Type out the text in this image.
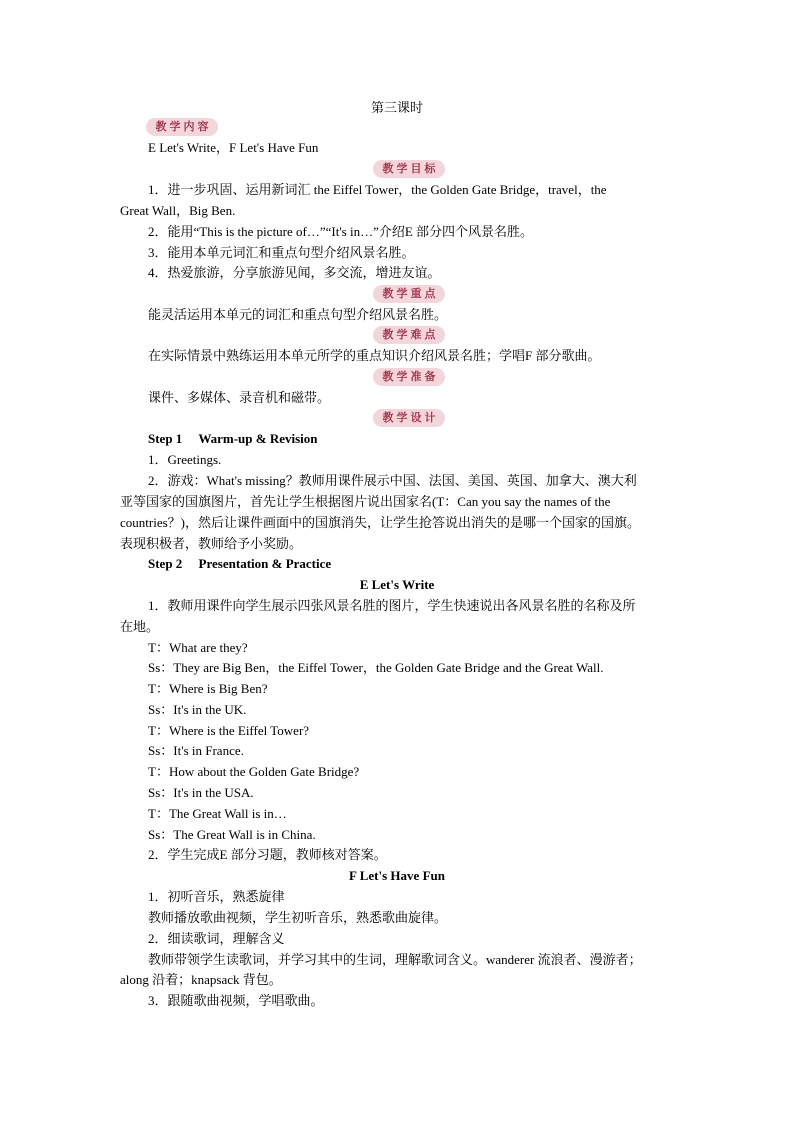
第三课时
教学内容
E Let's Write，F Let's Have Fun
教学目标
1．进一步巩固、运用新词汇 the Eiffel Tower，the Golden Gate Bridge，travel，the
Great Wall，Big Ben.
2．能用“This is the picture of…”“It's in…”介绍E 部分四个风景名胜。
3．能用本单元词汇和重点句型介绍风景名胜。
4．热爱旅游，分享旅游见闻，多交流，增进友谊。
教学重点
能灵活运用本单元的词汇和重点句型介绍风景名胜。
教学难点
在实际情景中熟练运用本单元所学的重点知识介绍风景名胜；学唱F 部分歌曲。
教学准备
课件、多媒体、录音机和磁带。
教学设计
Step 1　 Warm-up & Revision
1．Greetings.
2．游戏：What's missing？教师用课件展示中国、法国、美国、英国、加拿大、澳大利
亚等国家的国旗图片，首先让学生根据图片说出国家名(T：Can you say the names of the
countries？)，然后让课件画面中的国旗消失，让学生抢答说出消失的是哪一个国家的国旗。
表现积极者，教师给予小奖励。
Step 2　 Presentation & Practice
E Let's Write
1．教师用课件向学生展示四张风景名胜的图片，学生快速说出各风景名胜的名称及所
在地。
T：What are they?
Ss：They are Big Ben，the Eiffel Tower，the Golden Gate Bridge and the Great Wall.
T：Where is Big Ben?
Ss：It's in the UK.
T：Where is the Eiffel Tower?
Ss：It's in France.
T：How about the Golden Gate Bridge?
Ss：It's in the USA.
T：The Great Wall is in…
Ss：The Great Wall is in China.
2．学生完成E 部分习题，教师核对答案。
F Let's Have Fun
1．初听音乐，熟悉旋律
教师播放歌曲视频，学生初听音乐，熟悉歌曲旋律。
2．细读歌词，理解含义
教师带领学生读歌词，并学习其中的生词，理解歌词含义。wanderer 流浪者、漫游者；
along 沿着；knapsack 背包。
3．跟随歌曲视频，学唱歌曲。
